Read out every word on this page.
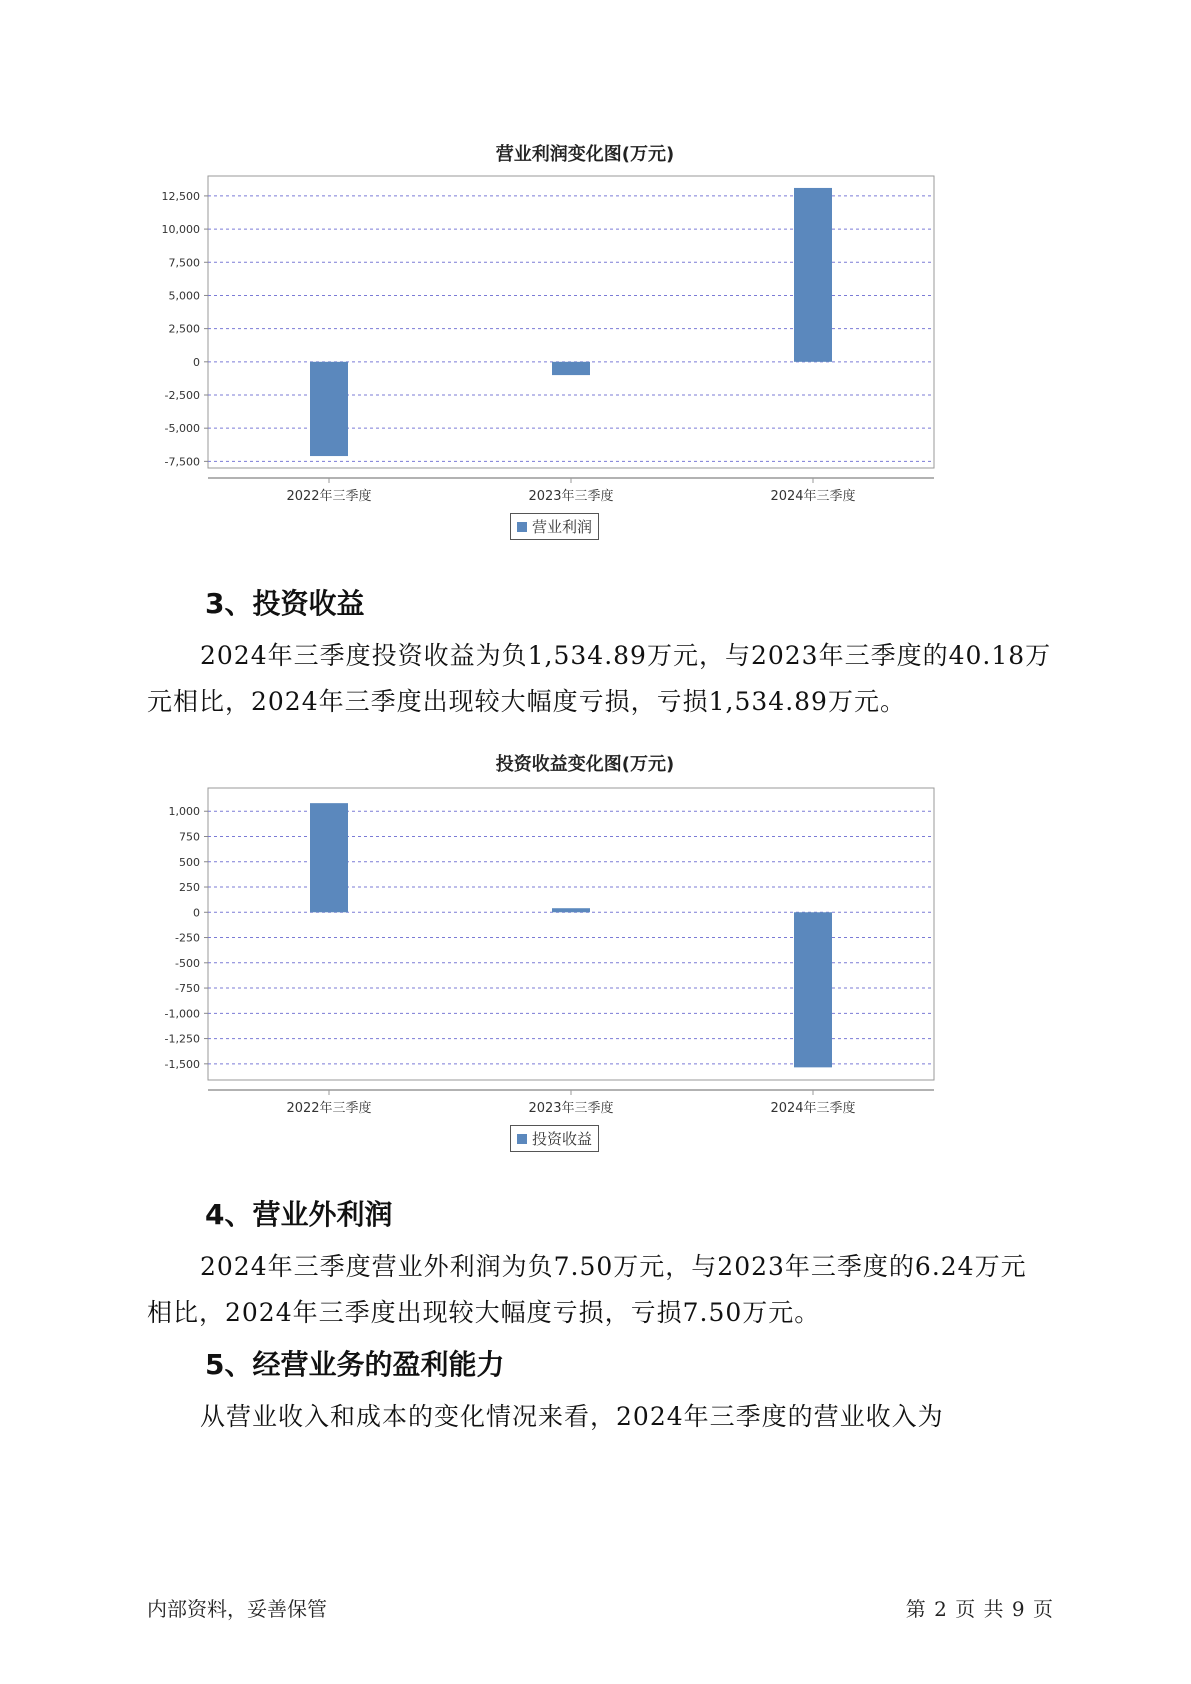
营业利润变化图(万元)
12,500
10,000
7,500
5,000
2,500
0
-2,500
-5,000
-7,500
2022年三季度	2023年三季度	2024年三季度
营业利润
3、投资收益
2024年三季度投资收益为负1,534.89万元，与2023年三季度的40.18万
元相比，2024年三季度出现较大幅度亏损，亏损1,534.89万元。
投资收益变化图(万元)
1,000
750
500
250
0
-250
-500
-750
-1,000
-1,250
-1,500
2022年三季度	2023年三季度	2024年三季度
投资收益
4、营业外利润
2024年三季度营业外利润为负7.50万元，与2023年三季度的6.24万元
相比，2024年三季度出现较大幅度亏损，亏损7.50万元。
5、经营业务的盈利能力
从营业收入和成本的变化情况来看，2024年三季度的营业收入为
内部资料，妥善保管	第 2 页 共 9 页
